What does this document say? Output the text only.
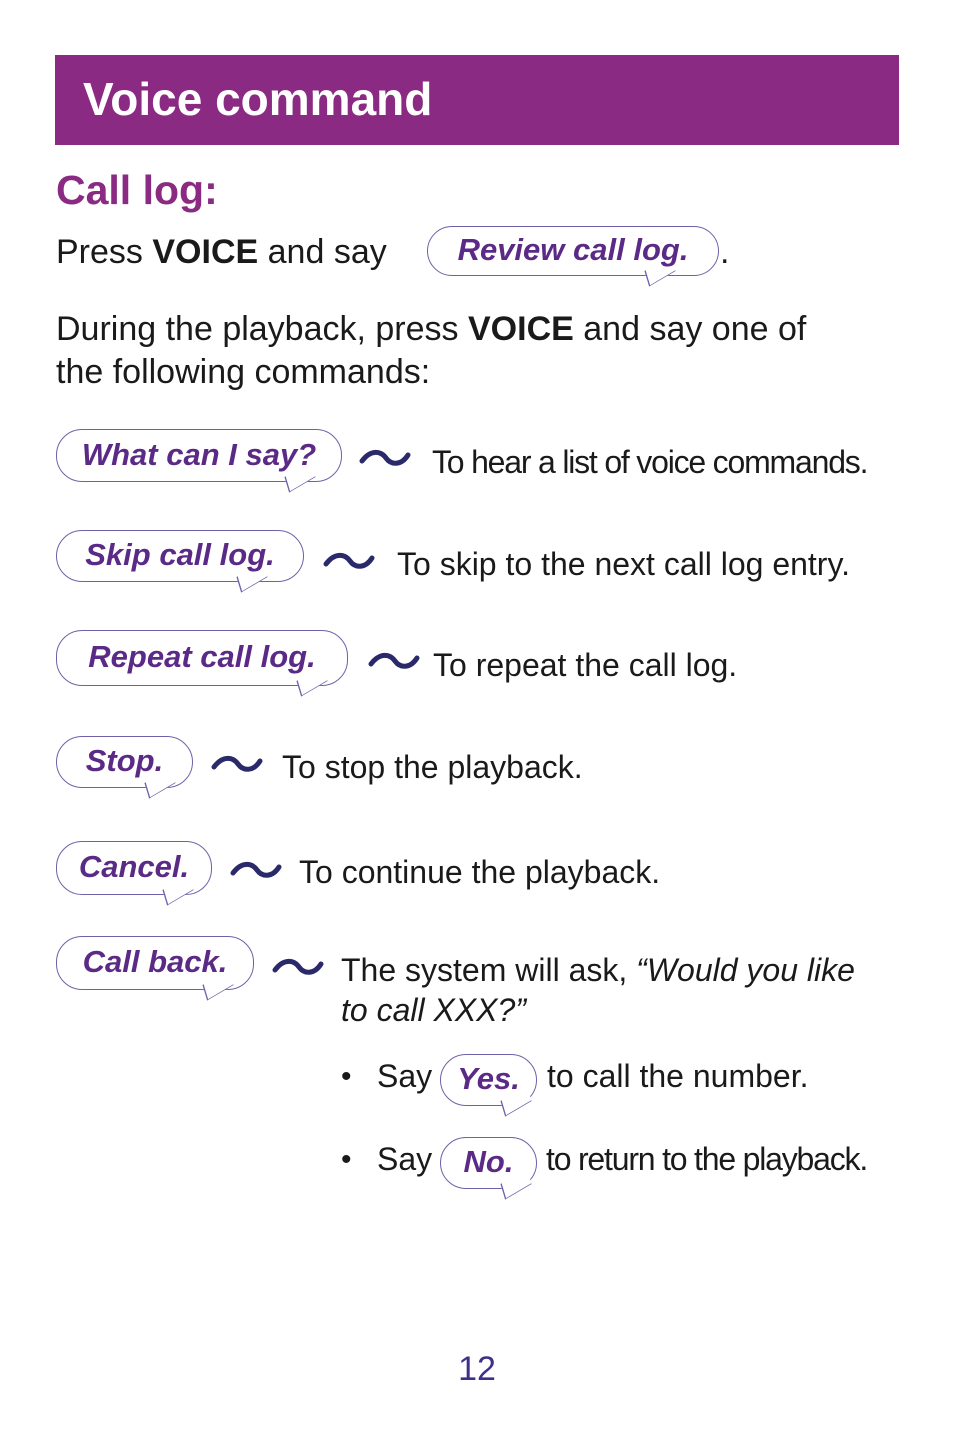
Voice command
Call log:
Press VOICE and say	Review call log. .
During the playback, press VOICE and say one of
the following commands:
What can I say?	To hear a list of voice commands.
Skip call log.	To skip to the next call log entry.
Repeat call log.	To repeat the call log.
Stop.	To stop the playback.
Cancel.	To continue the playback.
Call back.	The system will ask, “Would you like
to call XXX?”
• Say Yes. to call the number.
• Say	No.	to return to the playback.
12
